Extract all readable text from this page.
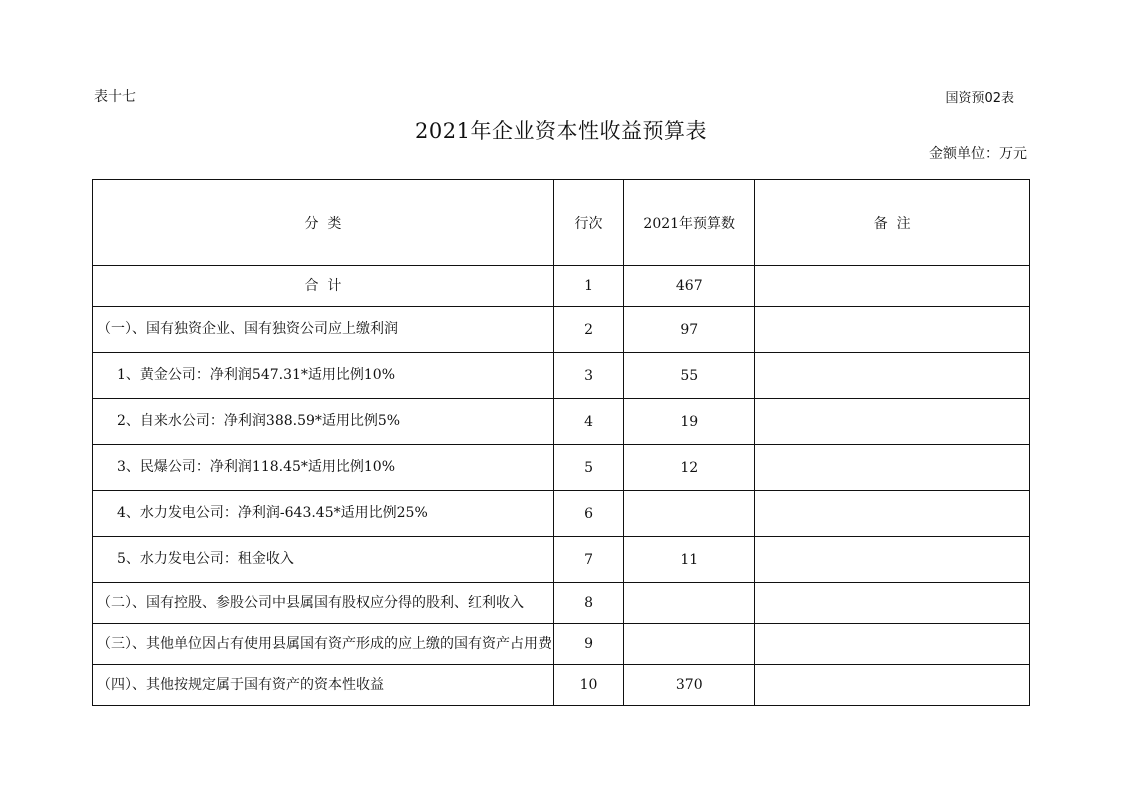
表十七	国资预02表
2021年企业资本性收益预算表
金额单位：万元
分  类	行次	2021年预算数	备  注
合  计	1	467	
（一）、国有独资企业、国有独资公司应上缴利润	2	97	
1、黄金公司：净利润547.31*适用比例10%	3	55	
2、自来水公司：净利润388.59*适用比例5%	4	19	
3、民爆公司：净利润118.45*适用比例10%	5	12	
4、水力发电公司：净利润-643.45*适用比例25%	6		
5、水力发电公司：租金收入	7	11	
（二）、国有控股、参股公司中县属国有股权应分得的股利、红利收入	8		
（三）、其他单位因占有使用县属国有资产形成的应上缴的国有资产占用费	9		
（四）、其他按规定属于国有资产的资本性收益	10	370	
